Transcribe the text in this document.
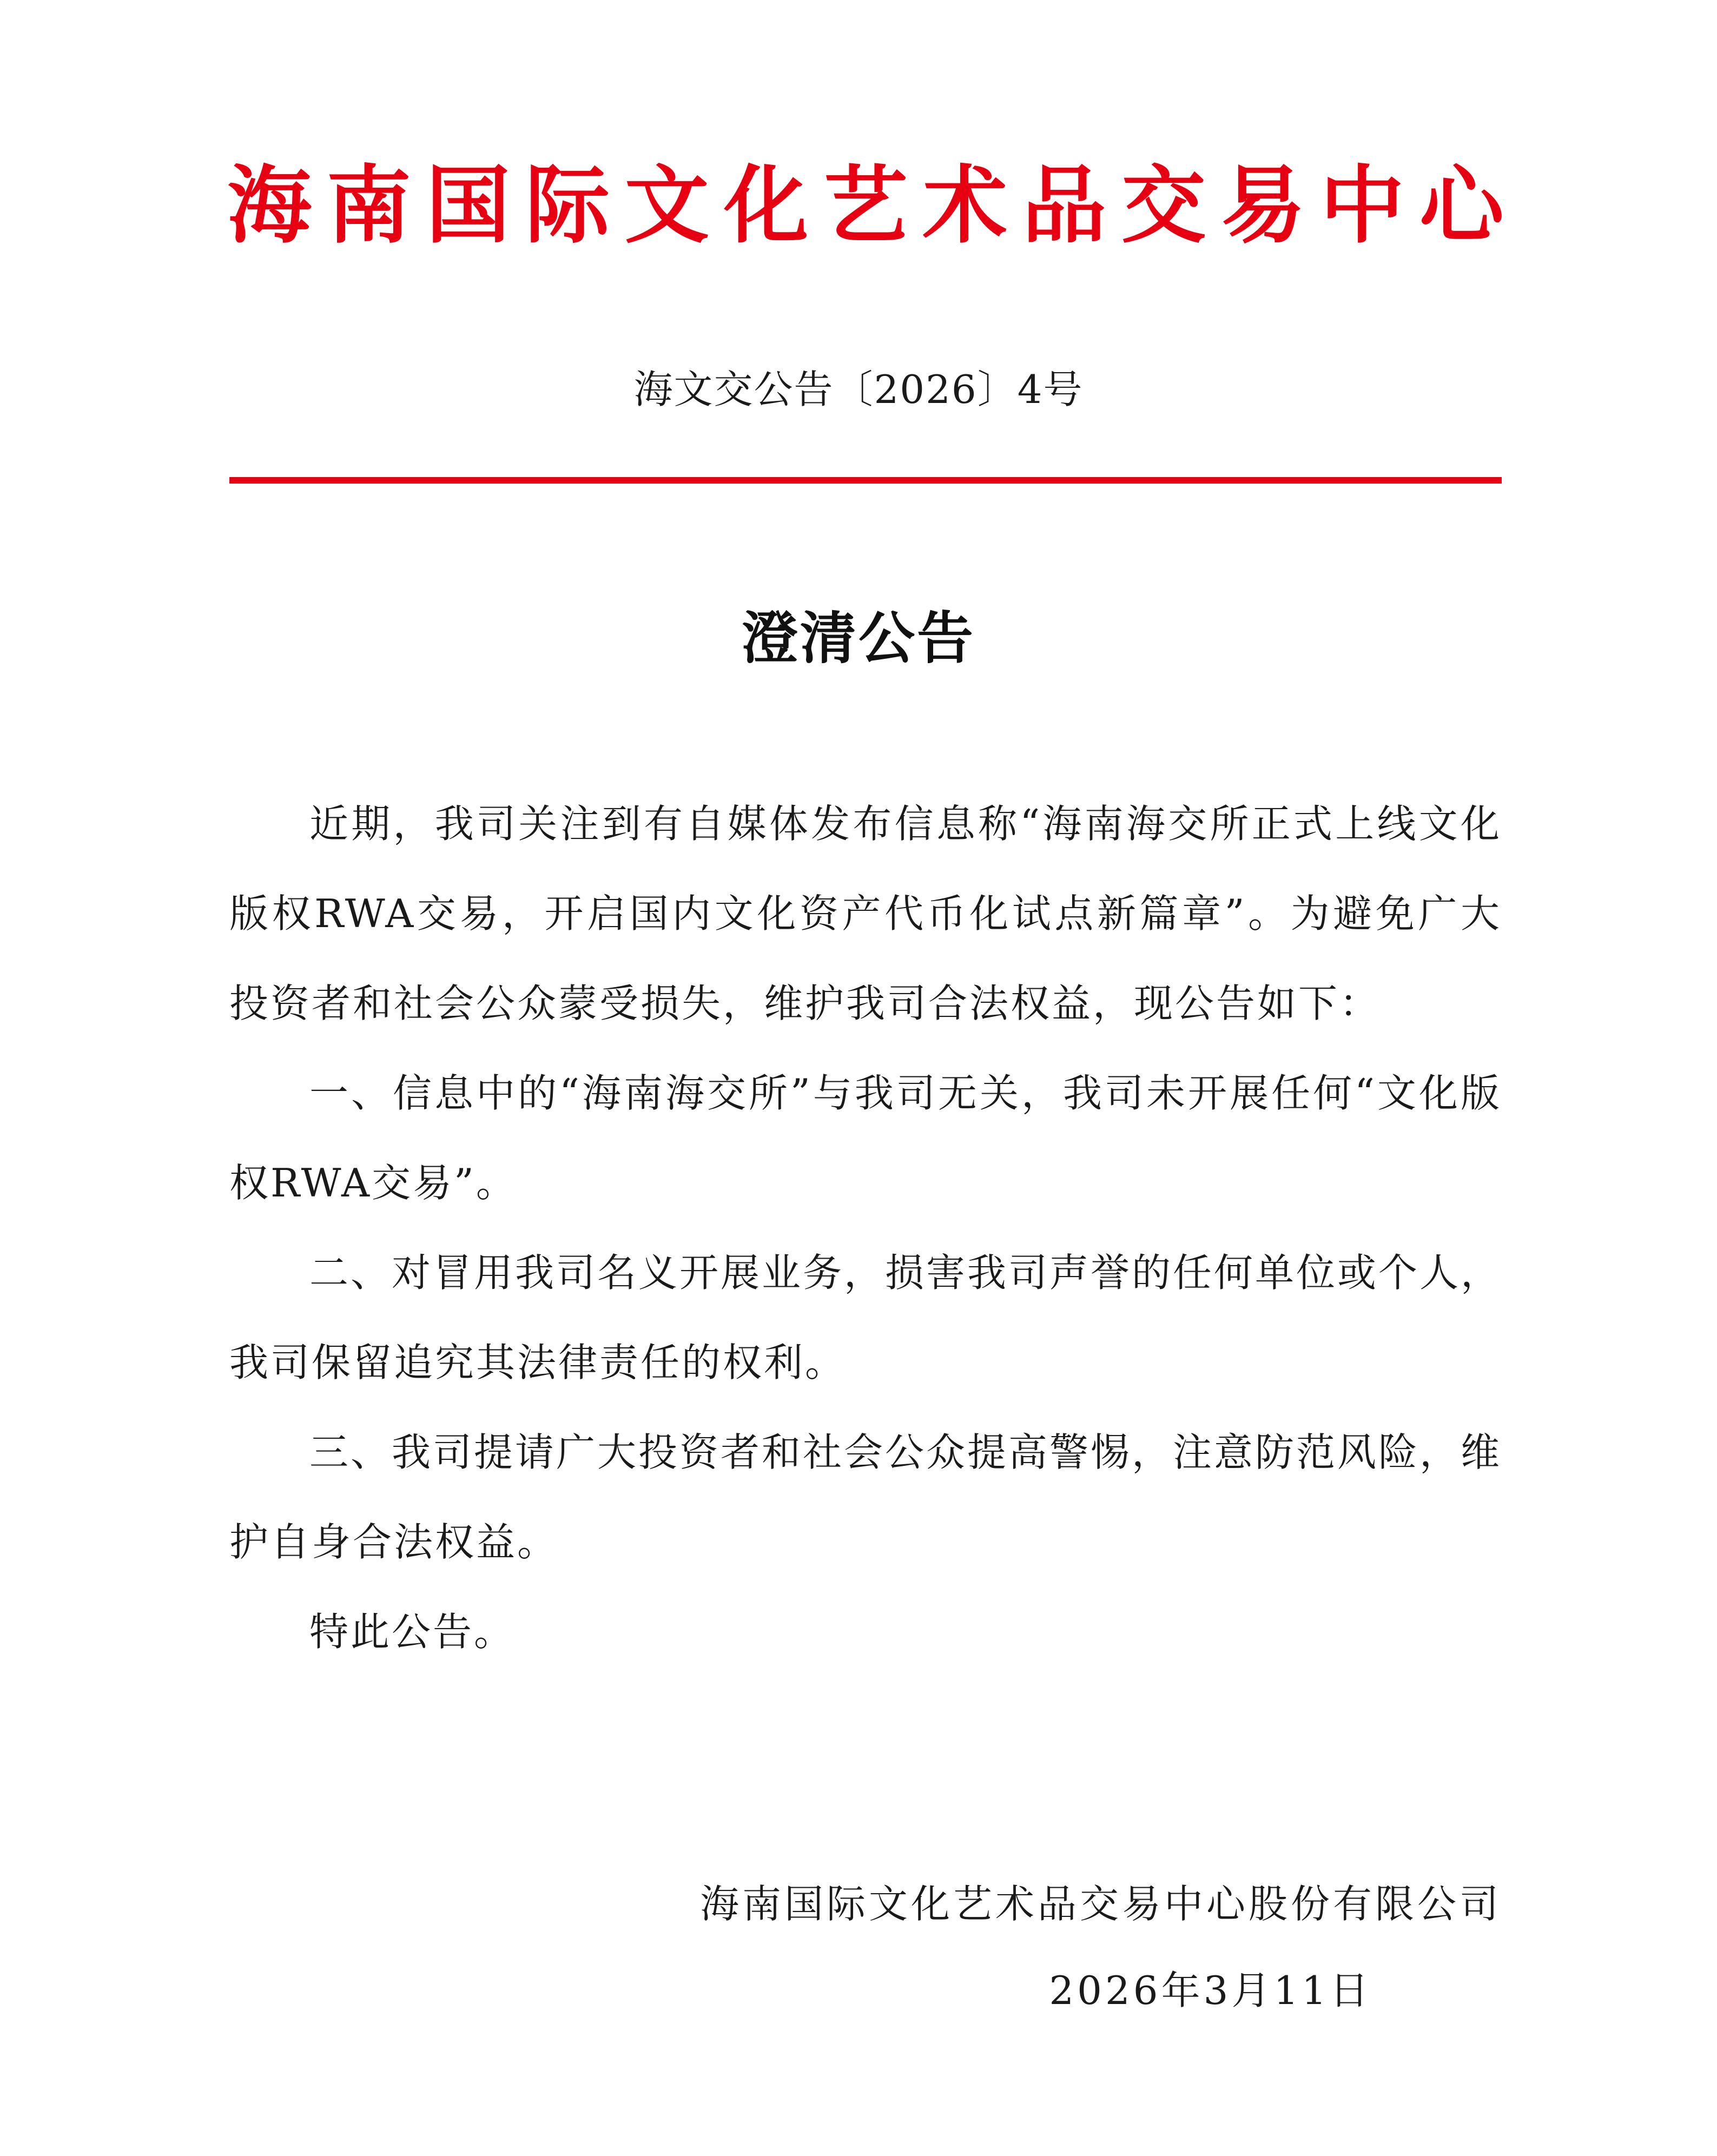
海南国际文化艺术品交易中心
海文交公告〔2026〕4号
澄清公告

近期，我司关注到有自媒体发布信息称“海南海交所正式上线文化版权RWA交易，开启国内文化资产代币化试点新篇章”。为避免广大投资者和社会公众蒙受损失，维护我司合法权益，现公告如下：

一、信息中的“海南海交所”与我司无关，我司未开展任何“文化版权RWA交易”。

二、对冒用我司名义开展业务，损害我司声誉的任何单位或个人，我司保留追究其法律责任的权利。

三、我司提请广大投资者和社会公众提高警惕，注意防范风险，维护自身合法权益。

特此公告。

海南国际文化艺术品交易中心股份有限公司
2026年3月11日
